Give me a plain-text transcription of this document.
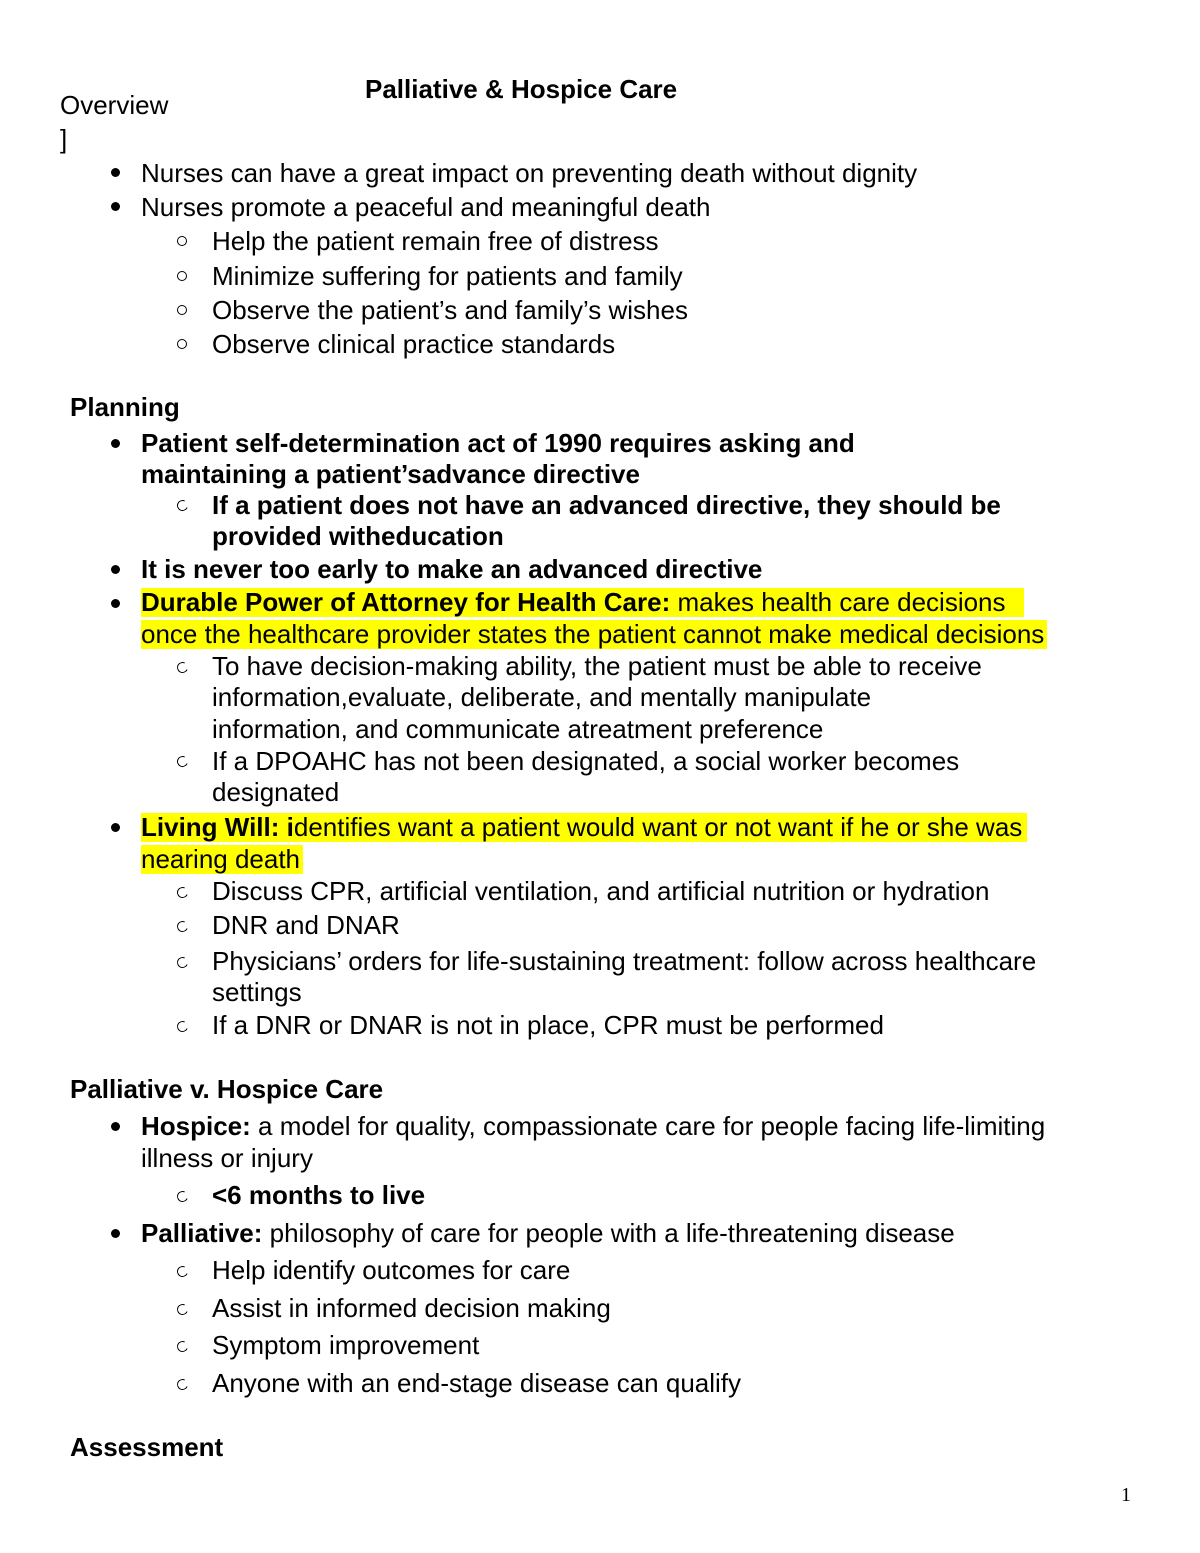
Palliative & Hospice Care
Overview
]
Nurses can have a great impact on preventing death without dignity
Nurses promote a peaceful and meaningful death
Help the patient remain free of distress
Minimize suffering for patients and family
Observe the patient’s and family’s wishes
Observe clinical practice standards
Planning
Patient self-determination act of 1990 requires asking and
maintaining a patient’sadvance directive
If a patient does not have an advanced directive, they should be
provided witheducation
It is never too early to make an advanced directive
Durable Power of Attorney for Health Care: makes health care decisions
once the healthcare provider states the patient cannot make medical decisions
To have decision-making ability, the patient must be able to receive
information,evaluate, deliberate, and mentally manipulate
information, and communicate atreatment preference
If a DPOAHC has not been designated, a social worker becomes
designated
Living Will: identifies want a patient would want or not want if he or she was
nearing death
Discuss CPR, artificial ventilation, and artificial nutrition or hydration
DNR and DNAR
Physicians’ orders for life-sustaining treatment: follow across healthcare
settings
If a DNR or DNAR is not in place, CPR must be performed
Palliative v. Hospice Care
Hospice: a model for quality, compassionate care for people facing life-limiting
illness or injury
<6 months to live
Palliative: philosophy of care for people with a life-threatening disease
Help identify outcomes for care
Assist in informed decision making
Symptom improvement
Anyone with an end-stage disease can qualify
Assessment
1
